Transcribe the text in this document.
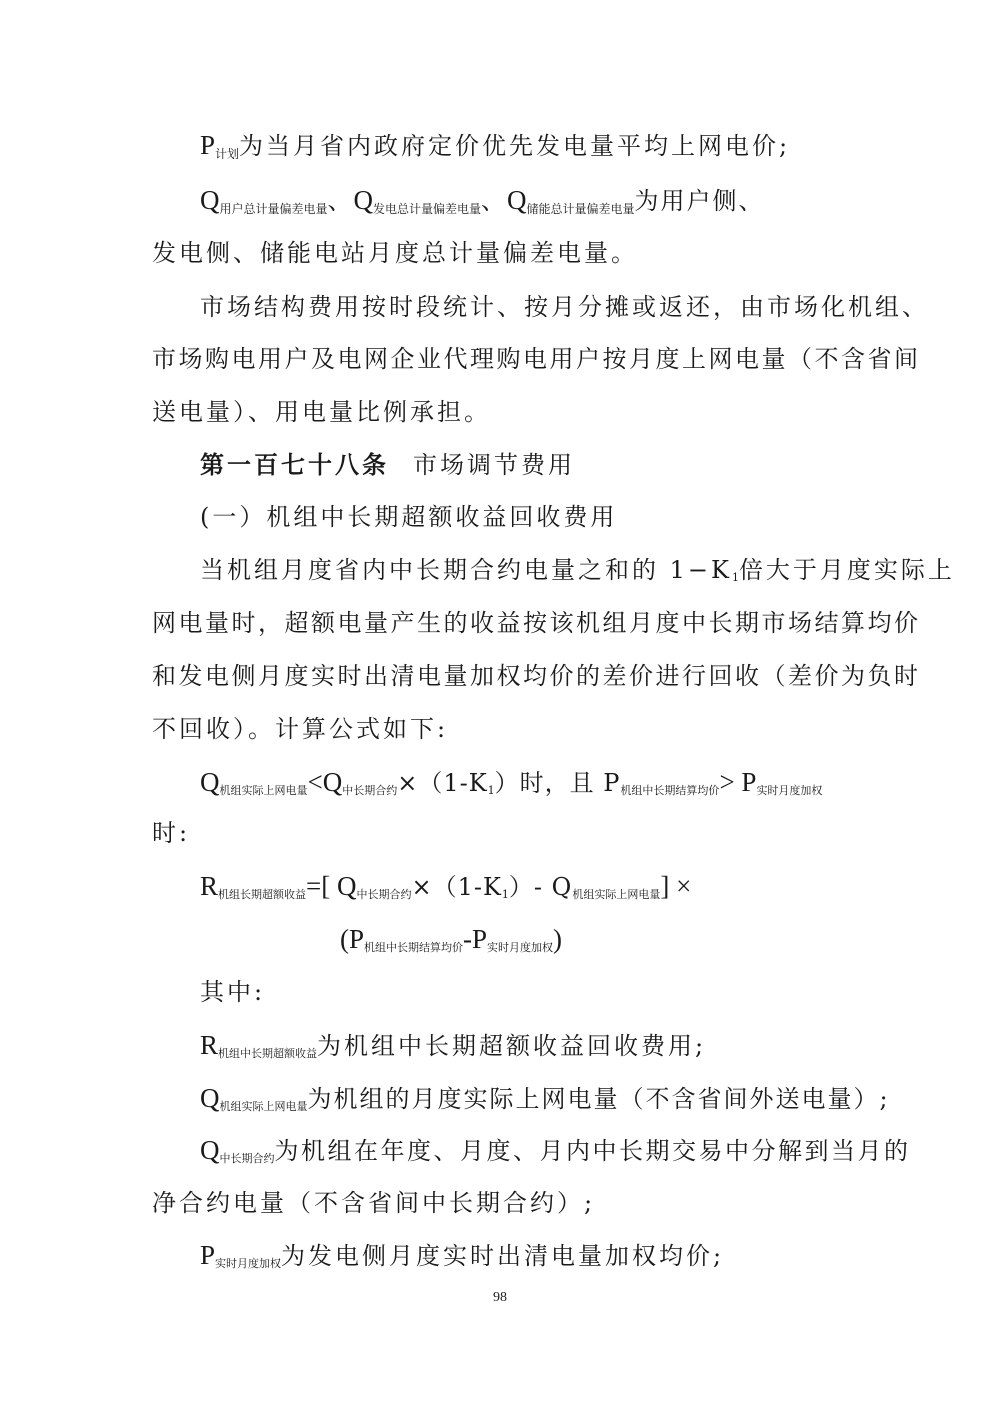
P计划为当月省内政府定价优先发电量平均上网电价;
Q用户总计量偏差电量、Q发电总计量偏差电量、Q储能总计量偏差电量为用户侧、
发电侧、储能电站月度总计量偏差电量。
市场结构费用按时段统计、按月分摊或返还，由市场化机组、
市场购电用户及电网企业代理购电用户按月度上网电量（不含省间
送电量）、用电量比例承担。
第一百七十八条 市场调节费用
(一）机组中长期超额收益回收费用
当机组月度省内中长期合约电量之和的 1−K1倍大于月度实际上
网电量时，超额电量产生的收益按该机组月度中长期市场结算均价
和发电侧月度实时出清电量加权均价的差价进行回收（差价为负时
不回收）。计算公式如下:
Q机组实际上网电量<Q中长期合约×（1-K1）时，且 P机组中长期结算均价> P实时月度加权
时:
R机组长期超额收益=[ Q中长期合约×（1-K1）- Q机组实际上网电量] ×
(P机组中长期结算均价-P实时月度加权)
其中:
R机组中长期超额收益为机组中长期超额收益回收费用;
Q机组实际上网电量为机组的月度实际上网电量（不含省间外送电量）;
Q中长期合约为机组在年度、月度、月内中长期交易中分解到当月的
净合约电量（不含省间中长期合约）;
P实时月度加权为发电侧月度实时出清电量加权均价;
98
